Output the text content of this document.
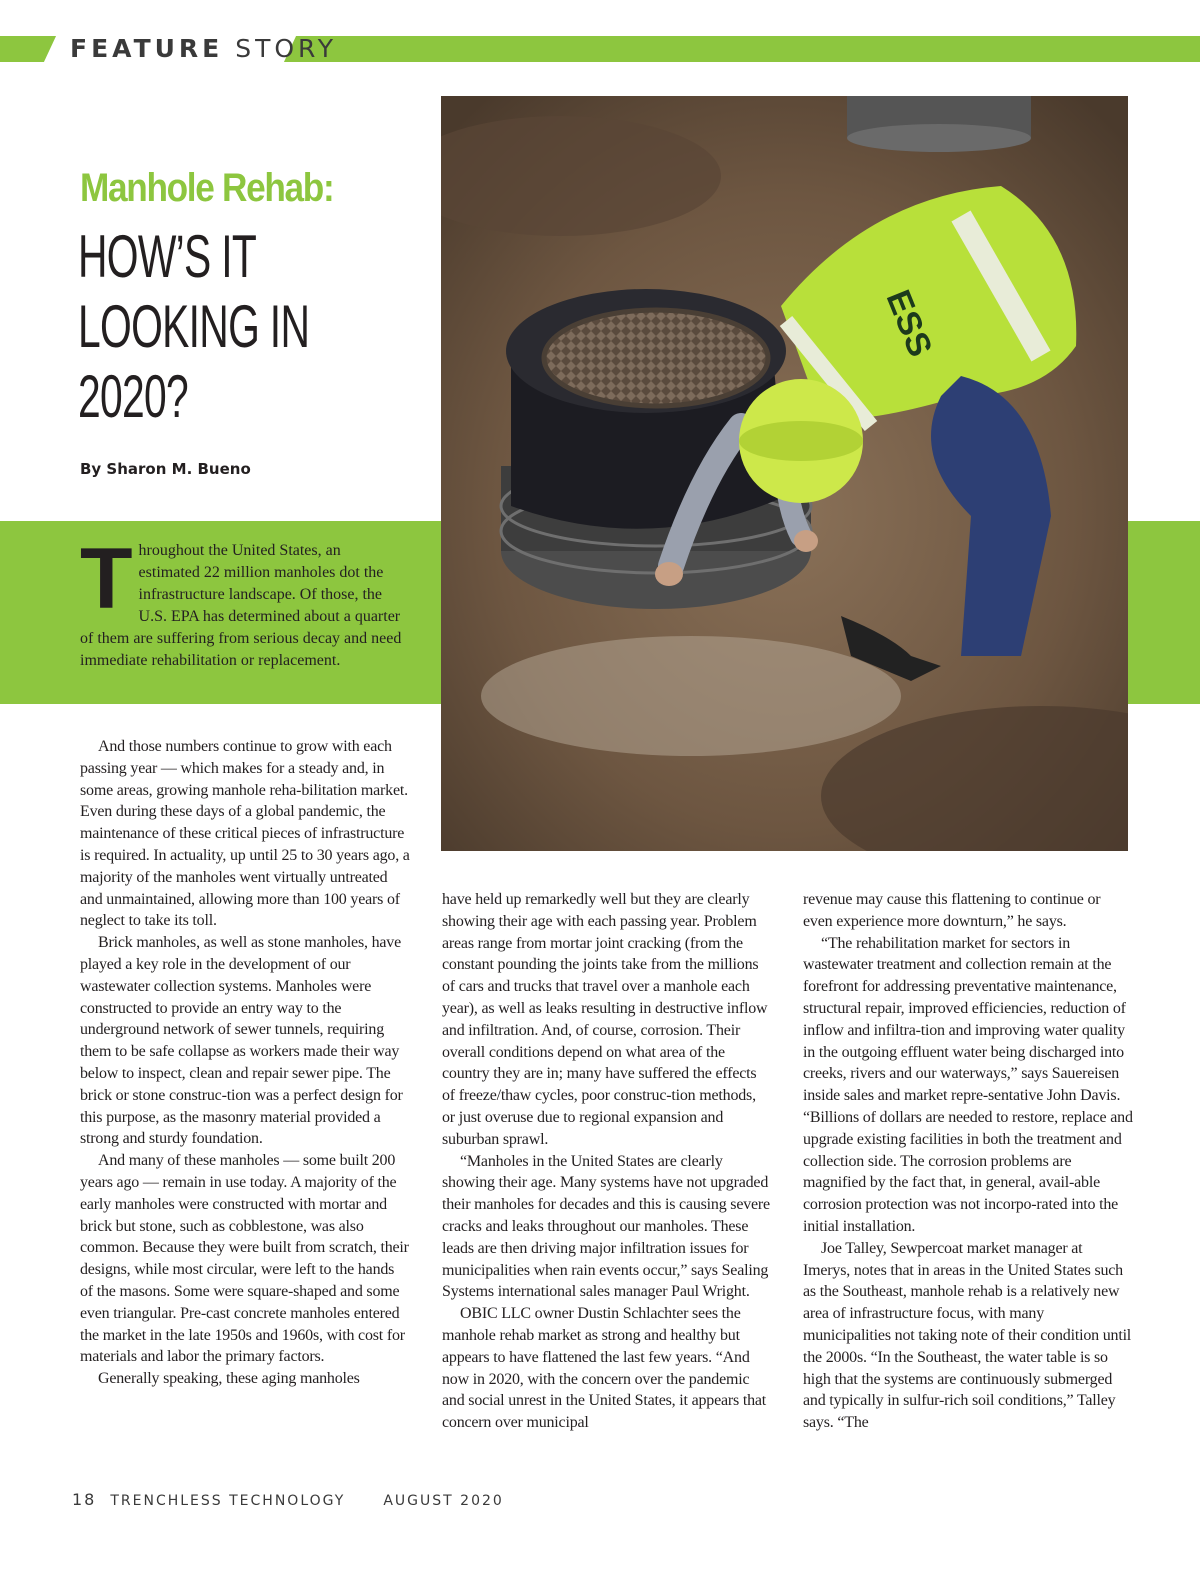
FEATURE STORY
Manhole Rehab:
HOW’S IT
LOOKING IN
2020?
By Sharon M. Bueno
ESS
Throughout the United States, an estimated 22 million manholes dot the infrastructure landscape. Of those, the U.S. EPA has determined about a quarter of them are suffering from serious decay and need immediate rehabilitation or replacement.

And those numbers continue to grow with each passing year — which makes for a steady and, in some areas, growing manhole reha-bilitation market. Even during these days of a global pandemic, the maintenance of these critical pieces of infrastructure is required. In actuality, up until 25 to 30 years ago, a majority of the manholes went virtually untreated and unmaintained, allowing more than 100 years of neglect to take its toll.

Brick manholes, as well as stone manholes, have played a key role in the development of our wastewater collection systems. Manholes were constructed to provide an entry way to the underground network of sewer tunnels, requiring them to be safe collapse as workers made their way below to inspect, clean and repair sewer pipe. The brick or stone construc-tion was a perfect design for this purpose, as the masonry material provided a strong and sturdy foundation.

And many of these manholes — some built 200 years ago — remain in use today. A majority of the early manholes were constructed with mortar and brick but stone, such as cobblestone, was also common. Because they were built from scratch, their designs, while most circular, were left to the hands of the masons. Some were square-shaped and some even triangular. Pre-cast concrete manholes entered the market in the late 1950s and 1960s, with cost for materials and labor the primary factors.

Generally speaking, these aging manholes

have held up remarkedly well but they are clearly showing their age with each passing year. Problem areas range from mortar joint cracking (from the constant pounding the joints take from the millions of cars and trucks that travel over a manhole each year), as well as leaks resulting in destructive inflow and infiltration. And, of course, corrosion. Their overall conditions depend on what area of the country they are in; many have suffered the effects of freeze/thaw cycles, poor construc-tion methods, or just overuse due to regional expansion and suburban sprawl.

“Manholes in the United States are clearly showing their age. Many systems have not upgraded their manholes for decades and this is causing severe cracks and leaks throughout our manholes. These leads are then driving major infiltration issues for municipalities when rain events occur,” says Sealing Systems international sales manager Paul Wright.

OBIC LLC owner Dustin Schlachter sees the manhole rehab market as strong and healthy but appears to have flattened the last few years. “And now in 2020, with the concern over the pandemic and social unrest in the United States, it appears that concern over municipal

revenue may cause this flattening to continue or even experience more downturn,” he says.

“The rehabilitation market for sectors in wastewater treatment and collection remain at the forefront for addressing preventative maintenance, structural repair, improved efficiencies, reduction of inflow and infiltra-tion and improving water quality in the outgoing effluent water being discharged into creeks, rivers and our waterways,” says Sauereisen inside sales and market repre-sentative John Davis. “Billions of dollars are needed to restore, replace and upgrade existing facilities in both the treatment and collection side. The corrosion problems are magnified by the fact that, in general, avail-able corrosion protection was not incorpo-rated into the initial installation.

Joe Talley, Sewpercoat market manager at Imerys, notes that in areas in the United States such as the Southeast, manhole rehab is a relatively new area of infrastructure focus, with many municipalities not taking note of their condition until the 2000s. “In the Southeast, the water table is so high that the systems are continuously submerged and typically in sulfur-rich soil conditions,” Talley says. “The

18 TRENCHLESS TECHNOLOGY	AUGUST 2020
